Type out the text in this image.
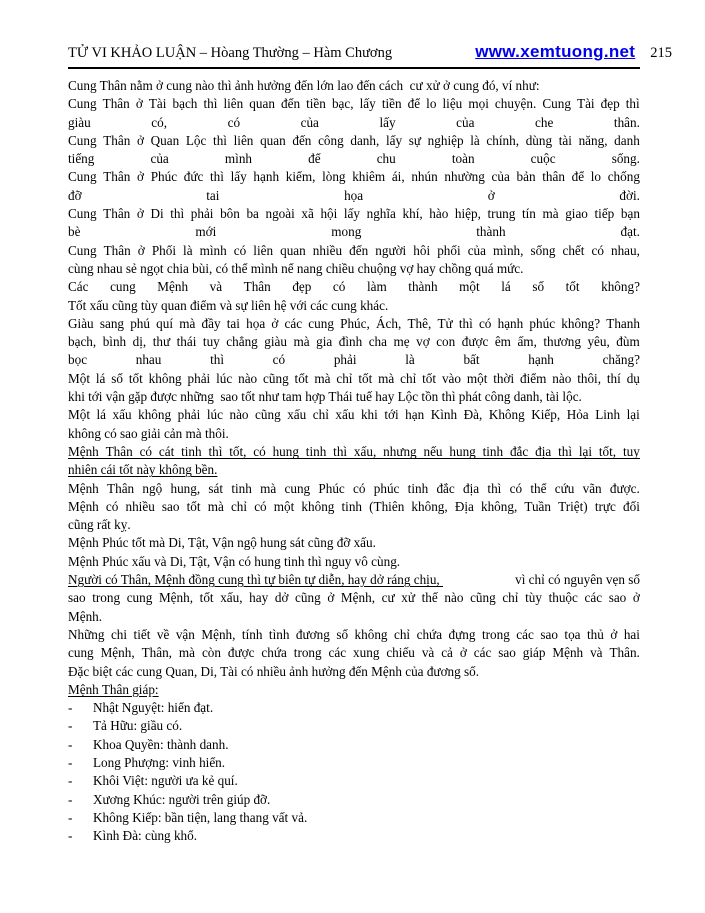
TỬ VI KHẢO LUẬN – Hòang Thường – Hàm Chương	www.xemtuong.net 215
Cung Thân nằm ở cung nào thì ảnh hưởng đến lớn lao đến cách  cư xử ở cung đó, ví như:
Cung Thân ở Tài bạch thì liên quan đến tiền bạc, lấy tiền để lo liệu mọi chuyện. Cung Tài đẹp thì
giàu	có,	có	của	lấy	của	che	thân.
Cung Thân ở Quan Lộc thì liên quan đến công danh, lấy sự nghiệp là chính, dùng tài năng, danh
tiếng	của	mình	để	chu	toàn	cuộc	sống.
Cung Thân ở Phúc đức thì lấy hạnh kiểm, lòng khiêm ái, nhún nhường của bản thân để lo chống
đỡ	tai	họa	ở	đời.
Cung Thân ở Di thì phải bôn ba ngoài xã hội lấy nghĩa khí, hào hiệp, trung tín mà giao tiếp bạn
bè	mới	mong	thành	đạt.
Cung Thân ở Phối là mình có liên quan nhiều đến người hôi phối của mình, sống chết có nhau,
cùng nhau sẻ ngọt chia bùi, có thể mình nể nang chiều chuộng vợ hay chồng quá mức.
Các cung Mệnh và Thân đẹp có làm thành một lá số tốt không?
Tốt xấu cũng tùy quan điểm và sự liên hệ với các cung khác.
Giàu sang phú quí mà đầy tai họa ở các cung Phúc, Ách, Thê, Tử thì có hạnh phúc không? Thanh
bạch, bình dị, thư thái tuy chẳng giàu mà gia đình cha mẹ vợ con được êm ấm, thương yêu, đùm
bọc	nhau	thì	có	phải	là	bất	hạnh	chăng?
Một lá số tốt không phải lúc nào cũng tốt mà chỉ tốt mà chỉ tốt vào một thời điểm nào thôi, thí dụ
khi tới vận gặp được những  sao tốt như tam hợp Thái tuế hay Lộc tồn thì phát công danh, tài lộc.
Một lá xấu không phải lúc nào cũng xấu chỉ xấu khi tới hạn Kình Đà, Không Kiếp, Hỏa Linh lại
không có sao giải cản mà thôi.
Mệnh Thân có cát tinh thì tốt, có hung tinh thì xấu, nhưng nếu hung tinh đắc địa thì lại tốt, tuy
nhiên cái tốt này không bền.
Mệnh Thân ngộ hung, sát tinh mà cung Phúc có phúc tinh đắc địa thì có thể cứu vãn được.
Mệnh có nhiều sao tốt mà chỉ có một không tinh (Thiên không, Địa không, Tuần Triệt) trực đối
cũng rất kỵ.
Mệnh Phúc tốt mà Di, Tật, Vận ngộ hung sát cũng đỡ xấu.
Mệnh Phúc xấu và Di, Tật, Vận có hung tinh thì nguy vô cùng.
Người có Thân, Mệnh đồng cung thì tự biên tự diễn, hay dở ráng chịu,	vì chỉ có nguyên vẹn số
sao trong cung Mệnh, tốt xấu, hay dở cũng ở Mệnh, cư xử thế nào cũng chỉ tùy thuộc các sao ở
Mệnh.
Những chi tiết về vận Mệnh, tính tình đương số không chỉ chứa đựng trong các sao tọa thủ ở hai
cung Mệnh, Thân, mà còn được chứa trong các xung chiếu và cả ở các sao giáp Mệnh và Thân.
Đặc biệt các cung Quan, Di, Tài có nhiều ảnh hưởng đến Mệnh của đương số.
Mệnh Thân giáp:
- Nhật Nguyệt: hiển đạt.
- Tả Hữu: giầu có.
- Khoa Quyền: thành danh.
- Long Phượng: vinh hiển.
- Khôi Việt: người ưa kẻ quí.
- Xương Khúc: người trên giúp đỡ.
- Không Kiếp: bần tiện, lang thang vất vả.
- Kình Đà: cùng khổ.
